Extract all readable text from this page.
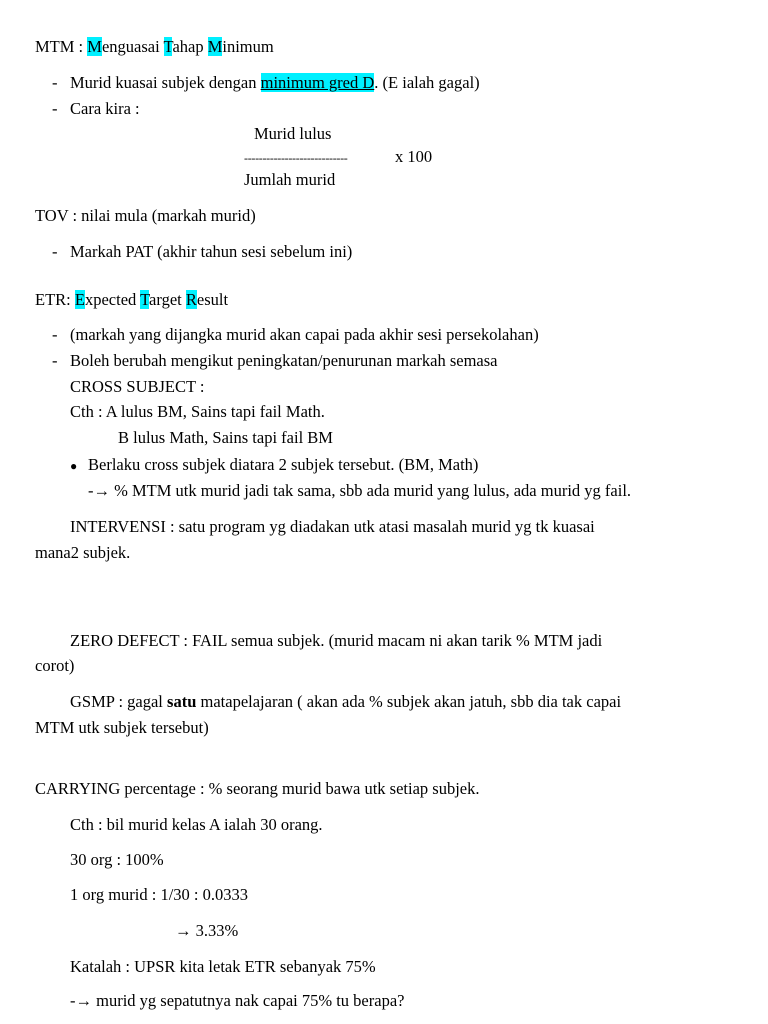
MTM : Menguasai Tahap Minimum
- Murid kuasai subjek dengan minimum gred D. (E ialah gagal)
- Cara kira :
Murid lulus
----------------------------	x 100
Jumlah murid
TOV : nilai mula (markah murid)
- Markah PAT (akhir tahun sesi sebelum ini)
ETR: Expected Target Result
- (markah yang dijangka murid akan capai pada akhir sesi persekolahan)
- Boleh berubah mengikut peningkatan/penurunan markah semasa
CROSS SUBJECT :
Cth : A lulus BM, Sains tapi fail Math.
B lulus Math, Sains tapi fail BM
● Berlaku cross subjek diatara 2 subjek tersebut. (BM, Math)
-→ % MTM utk murid jadi tak sama, sbb ada murid yang lulus, ada murid yg fail.
INTERVENSI : satu program yg diadakan utk atasi masalah murid yg tk kuasai
mana2 subjek.
ZERO DEFECT : FAIL semua subjek. (murid macam ni akan tarik % MTM jadi
corot)
GSMP : gagal satu matapelajaran ( akan ada % subjek akan jatuh, sbb dia tak capai
MTM utk subjek tersebut)
CARRYING percentage : % seorang murid bawa utk setiap subjek.
Cth : bil murid kelas A ialah 30 orang.
30 org : 100%
1 org murid : 1/30 : 0.0333
→ 3.33%
Katalah : UPSR kita letak ETR sebanyak 75%
-→ murid yg sepatutnya nak capai 75% tu berapa?
